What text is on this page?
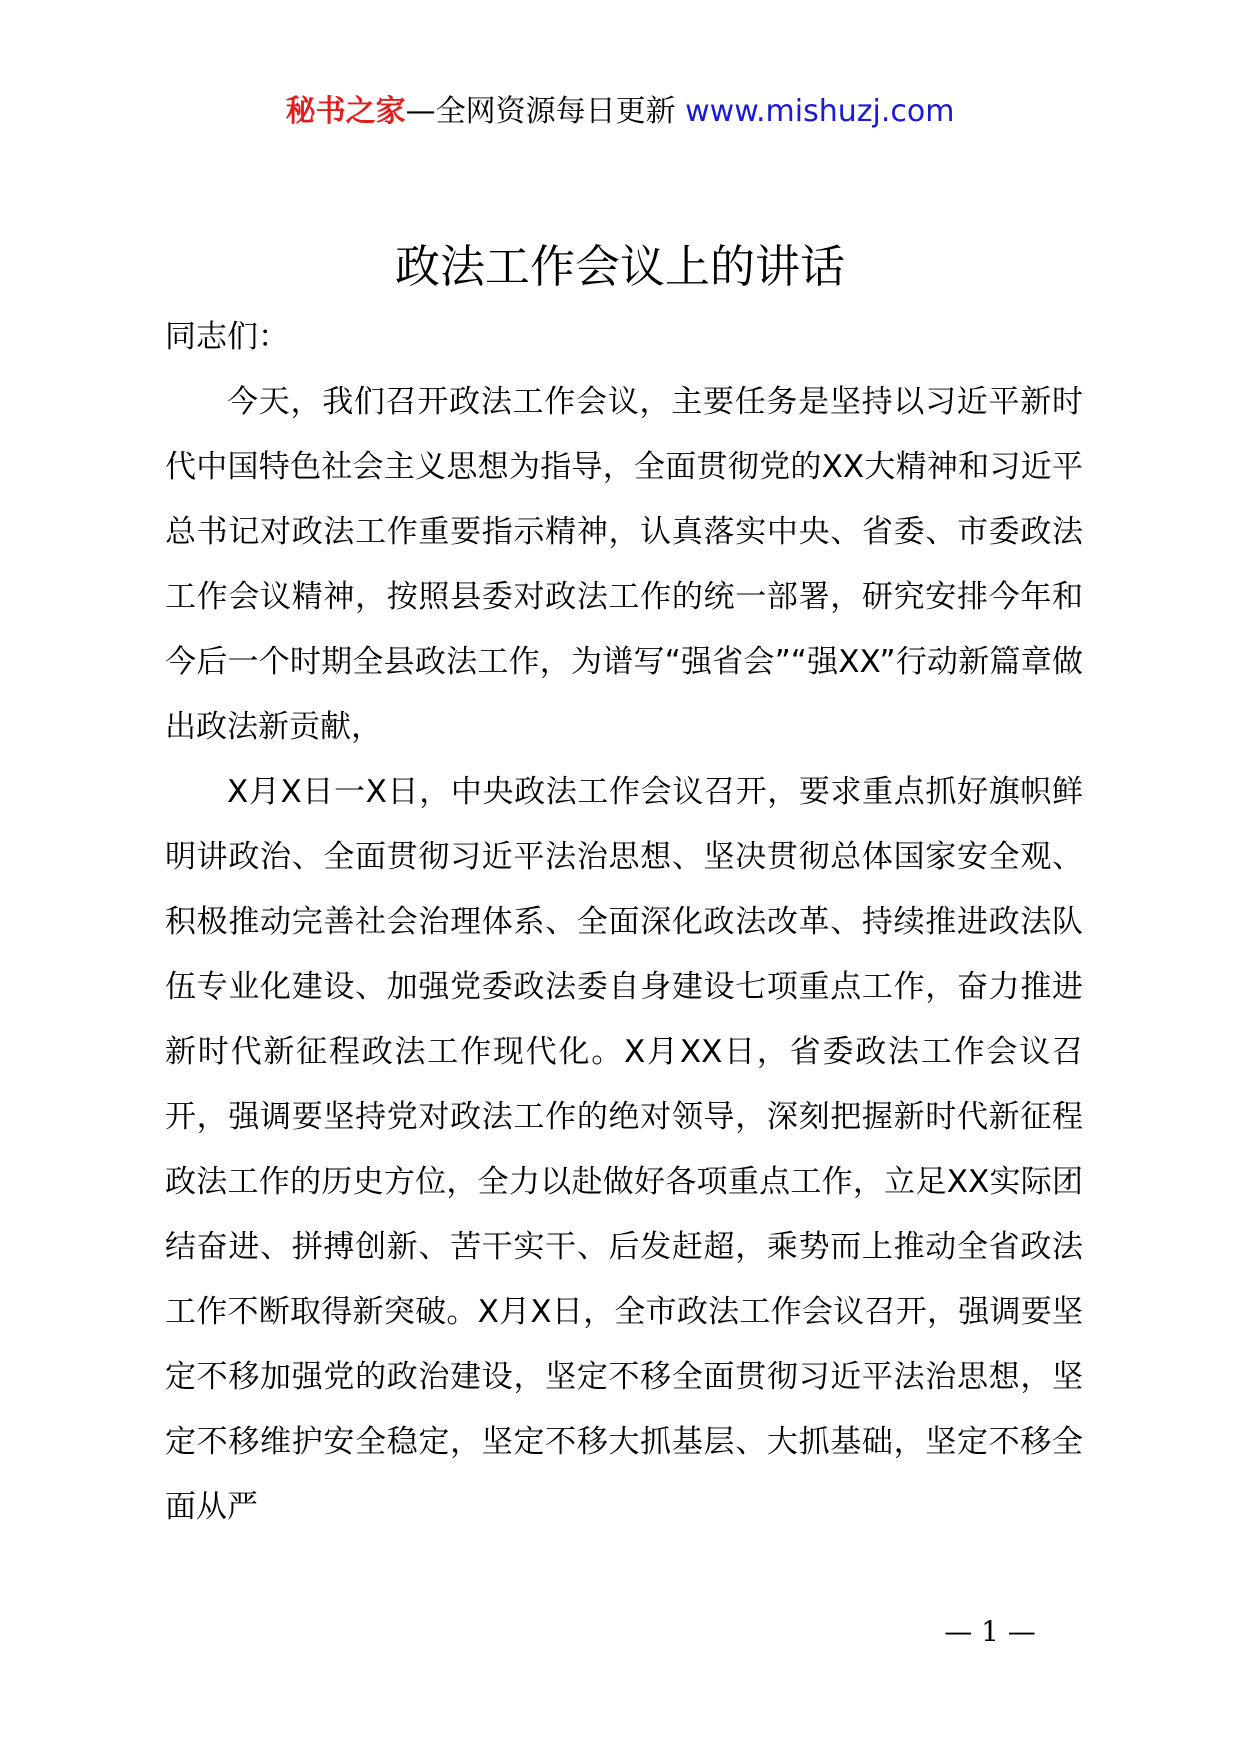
秘书之家—全网资源每日更新 www.mishuzj.com
政法工作会议上的讲话

同志们：

今天，我们召开政法工作会议，主要任务是坚持以习近平新时代中国特色社会主义思想为指导，全面贯彻党的XX大精神和习近平总书记对政法工作重要指示精神，认真落实中央、省委、市委政法工作会议精神，按照县委对政法工作的统一部署，研究安排今年和今后一个时期全县政法工作，为谱写“强省会”“强XX”行动新篇章做出政法新贡献，

X月X日一X日，中央政法工作会议召开，要求重点抓好旗帜鲜明讲政治、全面贯彻习近平法治思想、坚决贯彻总体国家安全观、积极推动完善社会治理体系、全面深化政法改革、持续推进政法队伍专业化建设、加强党委政法委自身建设七项重点工作，奋力推进新时代新征程政法工作现代化。X月XX日，省委政法工作会议召开，强调要坚持党对政法工作的绝对领导，深刻把握新时代新征程政法工作的历史方位，全力以赴做好各项重点工作，立足XX实际团结奋进、拼搏创新、苦干实干、后发赶超，乘势而上推动全省政法工作不断取得新突破。X月X日，全市政法工作会议召开，强调要坚定不移加强党的政治建设，坚定不移全面贯彻习近平法治思想，坚定不移维护安全稳定，坚定不移大抓基层、大抓基础，坚定不移全面从严

— 1 —
